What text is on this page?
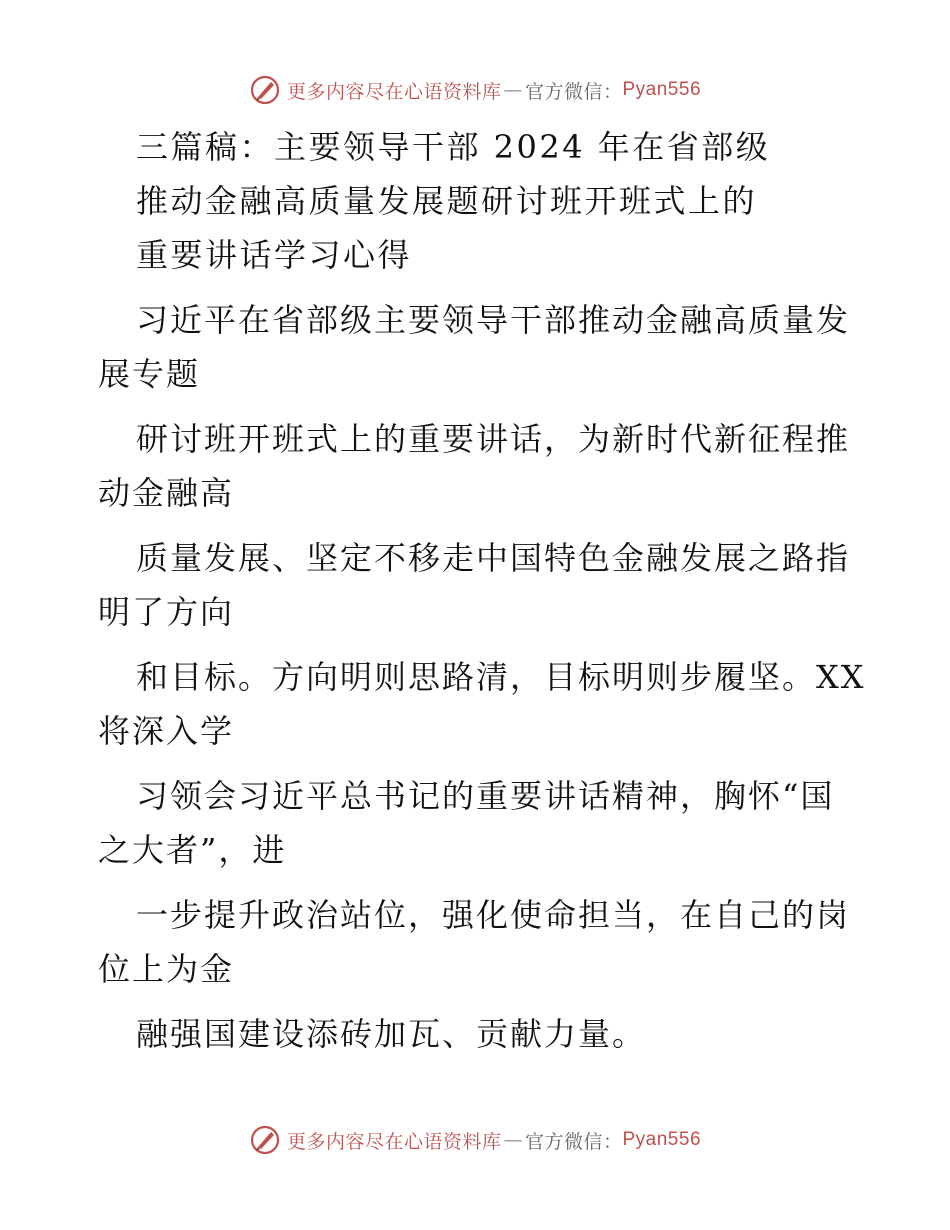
更多内容尽在心语资料库 — 官方微信： Pyan556
三篇稿：主要领导干部 2024 年在省部级
推动金融高质量发展题研讨班开班式上的
重要讲话学习心得
习近平在省部级主要领导干部推动金融高质量发
展专题
研讨班开班式上的重要讲话，为新时代新征程推
动金融高
质量发展、坚定不移走中国特色金融发展之路指
明了方向
和目标。方向明则思路清，目标明则步履坚。XX
将深入学
习领会习近平总书记的重要讲话精神，胸怀“国
之大者”，进
一步提升政治站位，强化使命担当，在自己的岗
位上为金
融强国建设添砖加瓦、贡献力量。
更多内容尽在心语资料库 — 官方微信： Pyan556
